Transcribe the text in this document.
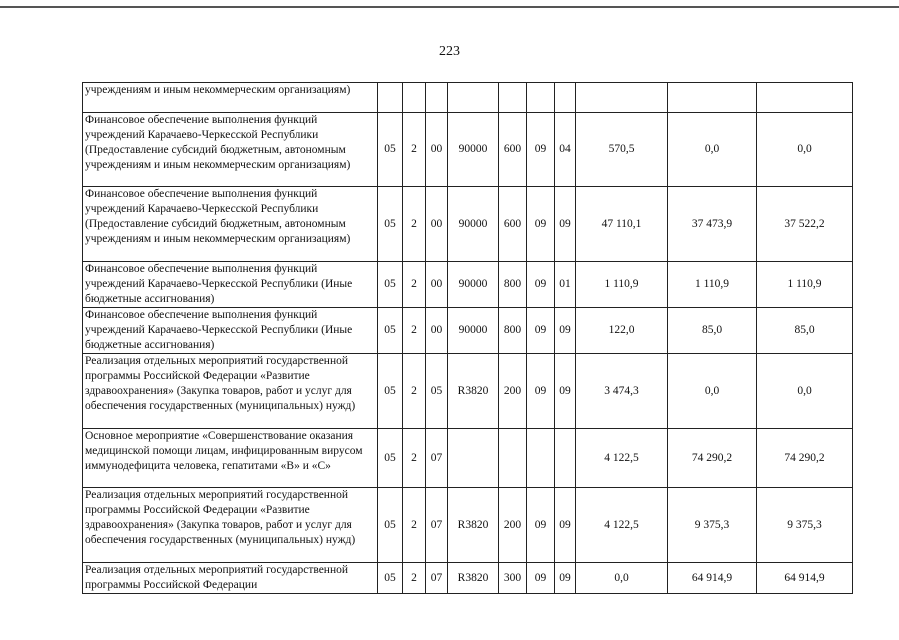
223
учреждениям и иным некоммерческим организациям)										
Финансовое обеспечение выполнения функций учреждений Карачаево-Черкесской Республики (Предоставление субсидий бюджетным, автономным учреждениям и иным некоммерческим организациям)	05	2	00	90000	600	09	04	570,5	0,0	0,0
Финансовое обеспечение выполнения функций учреждений Карачаево-Черкесской Республики (Предоставление субсидий бюджетным, автономным учреждениям и иным некоммерческим организациям)	05	2	00	90000	600	09	09	47 110,1	37 473,9	37 522,2
Финансовое обеспечение выполнения функций учреждений Карачаево-Черкесской Республики (Иные бюджетные ассигнования)	05	2	00	90000	800	09	01	1 110,9	1 110,9	1 110,9
Финансовое обеспечение выполнения функций учреждений Карачаево-Черкесской Республики (Иные бюджетные ассигнования)	05	2	00	90000	800	09	09	122,0	85,0	85,0
Реализация отдельных мероприятий государственной программы Российской Федерации «Развитие здравоохранения» (Закупка товаров, работ и услуг для обеспечения государственных (муниципальных) нужд)	05	2	05	R3820	200	09	09	3 474,3	0,0	0,0
Основное мероприятие «Совершенствование оказания медицинской помощи лицам, инфицированным вирусом иммунодефицита человека, гепатитами «В» и «С»	05	2	07					4 122,5	74 290,2	74 290,2
Реализация отдельных мероприятий государственной программы Российской Федерации «Развитие здравоохранения» (Закупка товаров, работ и услуг для обеспечения государственных (муниципальных) нужд)	05	2	07	R3820	200	09	09	4 122,5	9 375,3	9 375,3
Реализация отдельных мероприятий государственной программы Российской Федерации	05	2	07	R3820	300	09	09	0,0	64 914,9	64 914,9
